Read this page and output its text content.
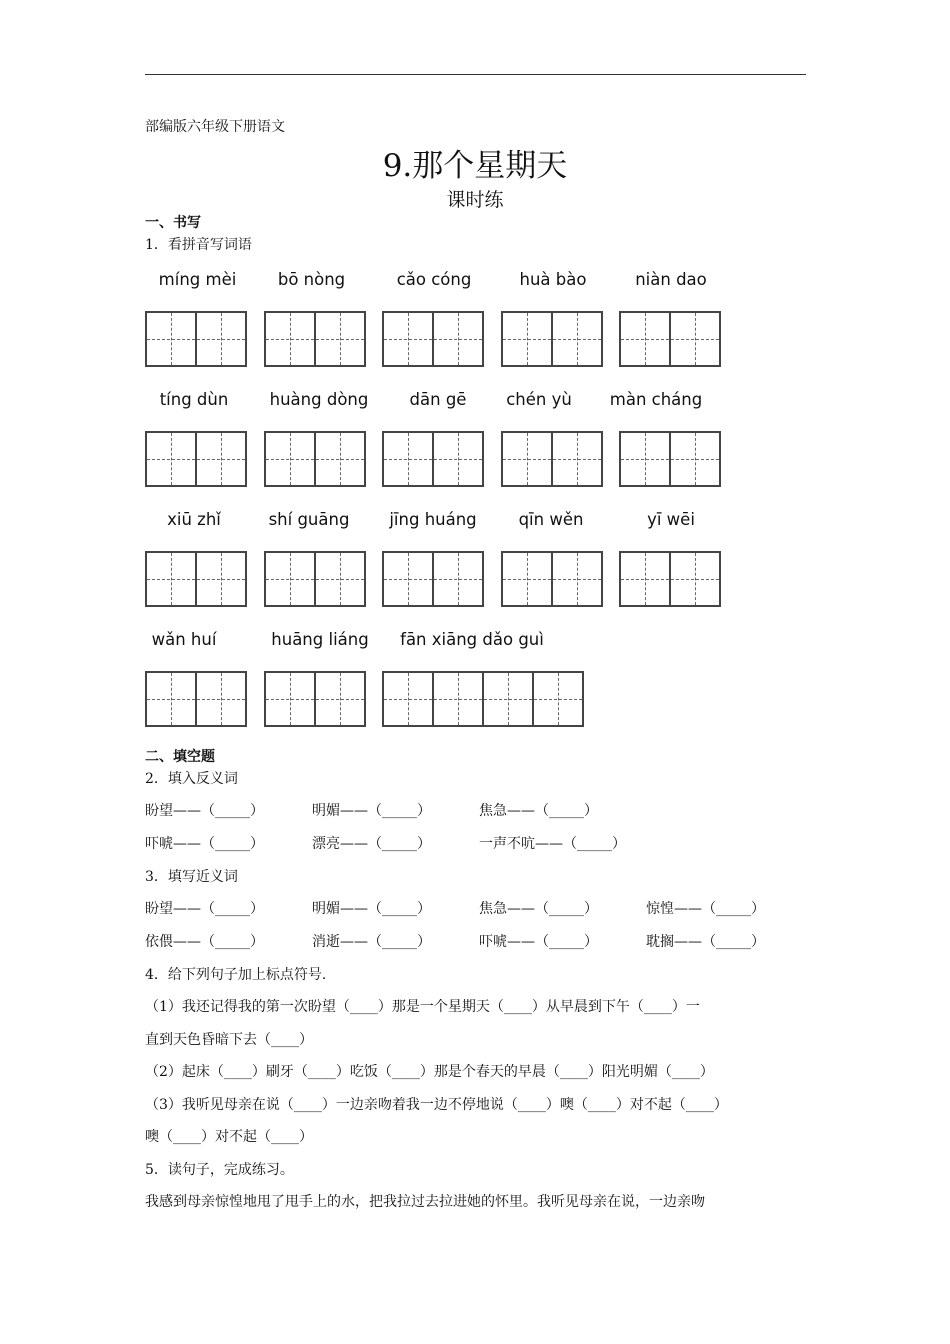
部编版六年级下册语文
9.那个星期天
课时练
一、书写
1．看拼音写词语
míng mèi	bō nòng	cǎo cóng	huà bào	niàn dao
tíng dùn	huàng dòng	dān gē	chén yù	màn cháng
xiū zhǐ	shí guāng	jīng huáng	qīn wěn	yī wēi
wǎn huí	huāng liáng	fān xiāng dǎo guì
二、填空题
2．填入反义词
盼望——（_____）	明媚——（_____）	焦急——（_____）
吓唬——（_____）	漂亮——（_____）	一声不吭——（_____）
3．填写近义词
盼望——（_____）	明媚——（_____）	焦急——（_____）	惊惶——（_____）
依偎——（_____）	消逝——（_____）	吓唬——（_____）	耽搁——（_____）
4．给下列句子加上标点符号.
（1）我还记得我的第一次盼望（____）那是一个星期天（____）从早晨到下午（____）一
直到天色昏暗下去（____）
（2）起床（____）刷牙（____）吃饭（____）那是个春天的早晨（____）阳光明媚（____）
（3）我听见母亲在说（____）一边亲吻着我一边不停地说（____）噢（____）对不起（____）
噢（____）对不起（____）
5．读句子，完成练习。
我感到母亲惊惶地甩了甩手上的水，把我拉过去拉进她的怀里。我听见母亲在说，一边亲吻
